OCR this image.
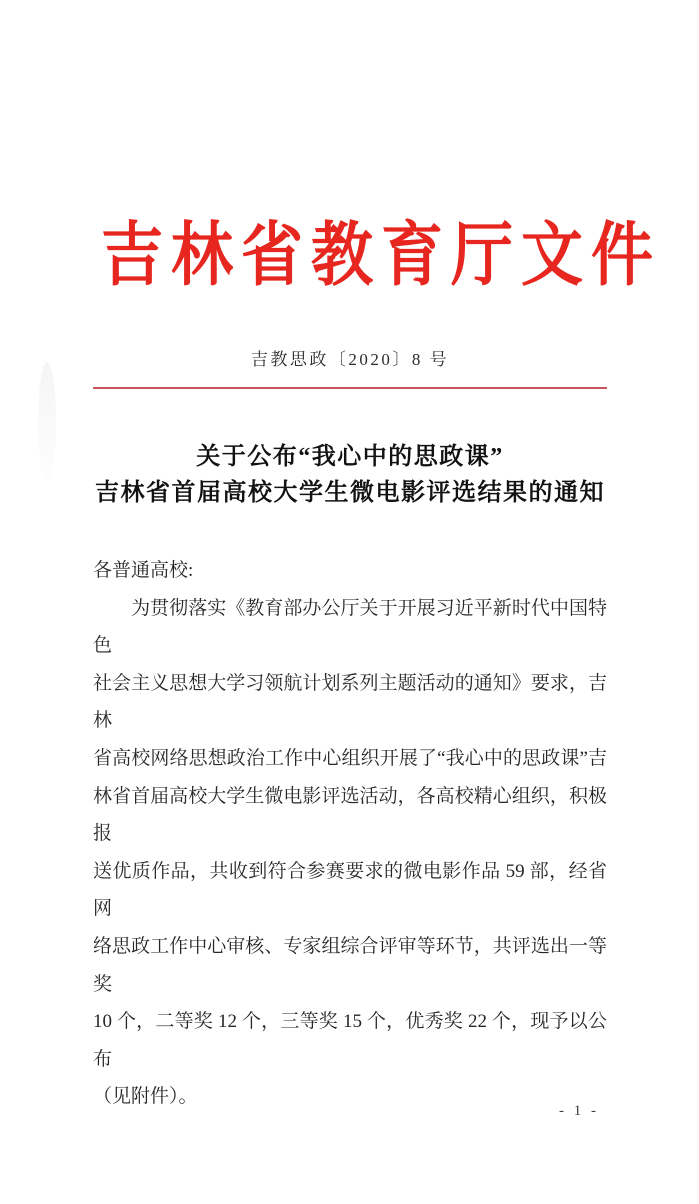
吉林省教育厅文件
吉教思政〔2020〕8 号
关于公布“我心中的思政课”
吉林省首届高校大学生微电影评选结果的通知
各普通高校:
　　为贯彻落实《教育部办公厅关于开展习近平新时代中国特色
社会主义思想大学习领航计划系列主题活动的通知》要求，吉林
省高校网络思想政治工作中心组织开展了“我心中的思政课”吉
林省首届高校大学生微电影评选活动，各高校精心组织，积极报
送优质作品，共收到符合参赛要求的微电影作品 59 部，经省网
络思政工作中心审核、专家组综合评审等环节，共评选出一等奖
10 个，二等奖 12 个，三等奖 15 个，优秀奖 22 个，现予以公布
（见附件）。
- 1 -
